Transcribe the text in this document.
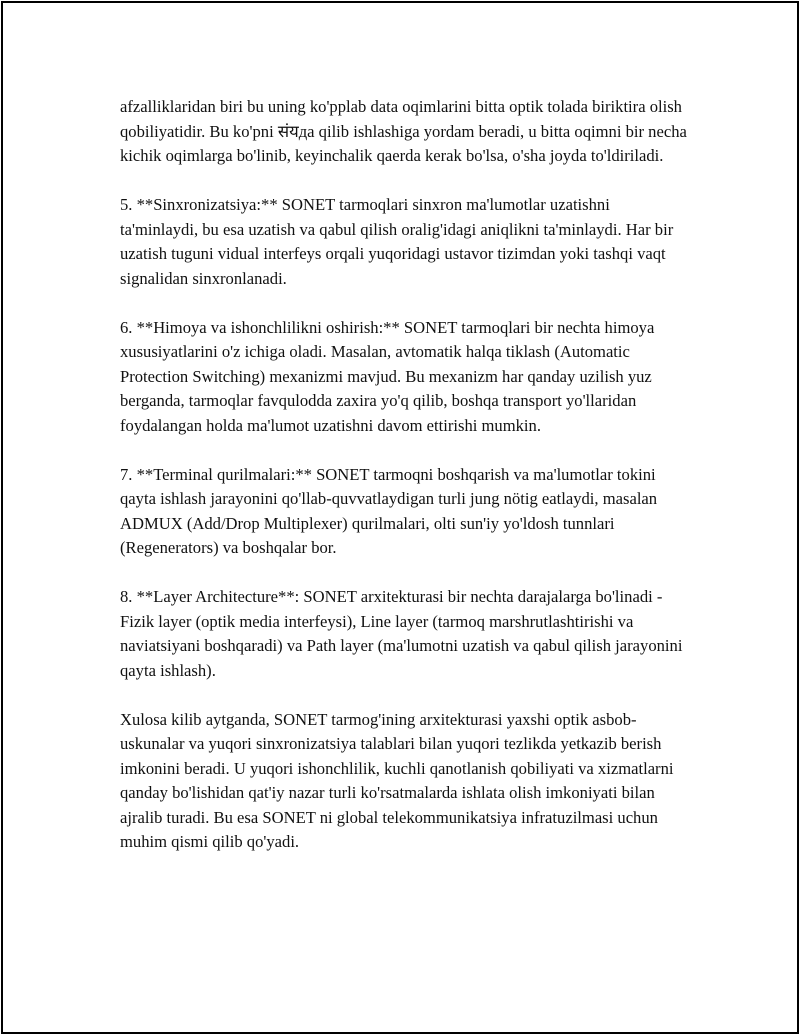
afzalliklaridan biri bu uning ko'pplab data oqimlarini bitta optik tolada biriktira olish qobiliyatidir. Bu ko'pni संयда qilib ishlashiga yordam beradi, u bitta oqimni bir necha kichik oqimlarga bo'linib, keyinchalik qaerda kerak bo'lsa, o'sha joyda to'ldiriladi.

5. **Sinxronizatsiya:** SONET tarmoqlari sinxron ma'lumotlar uzatishni ta'minlaydi, bu esa uzatish va qabul qilish oralig'idagi aniqlikni ta'minlaydi. Har bir uzatish tuguni vidual interfeys orqali yuqoridagi ustavor tizimdan yoki tashqi vaqt signalidan sinxronlanadi.

6. **Himoya va ishonchlilikni oshirish:** SONET tarmoqlari bir nechta himoya xususiyatlarini o'z ichiga oladi. Masalan, avtomatik halqa tiklash (Automatic Protection Switching) mexanizmi mavjud. Bu mexanizm har qanday uzilish yuz berganda, tarmoqlar favqulodda zaxira yo'q qilib, boshqa transport yo'llaridan foydalangan holda ma'lumot uzatishni davom ettirishi mumkin.

7. **Terminal qurilmalari:** SONET tarmoqni boshqarish va ma'lumotlar tokini qayta ishlash jarayonini qo'llab-quvvatlaydigan turli jung nötig eatlaydi, masalan ADMUX (Add/Drop Multiplexer) qurilmalari, olti sun'iy yo'ldosh tunnlari (Regenerators) va boshqalar bor.

8. **Layer Architecture**: SONET arxitekturasi bir nechta darajalarga bo'linadi - Fizik layer (optik media interfeysi), Line layer (tarmoq marshrutlashtirishi va naviatsiyani boshqaradi) va Path layer (ma'lumotni uzatish va qabul qilish jarayonini qayta ishlash).

Xulosa kilib aytganda, SONET tarmog'ining arxitekturasi yaxshi optik asbob-uskunalar va yuqori sinxronizatsiya talablari bilan yuqori tezlikda yetkazib berish imkonini beradi. U yuqori ishonchlilik, kuchli qanotlanish qobiliyati va xizmatlarni qanday bo'lishidan qat'iy nazar turli ko'rsatmalarda ishlata olish imkoniyati bilan ajralib turadi. Bu esa SONET ni global telekommunikatsiya infratuzilmasi uchun muhim qismi qilib qo'yadi.
